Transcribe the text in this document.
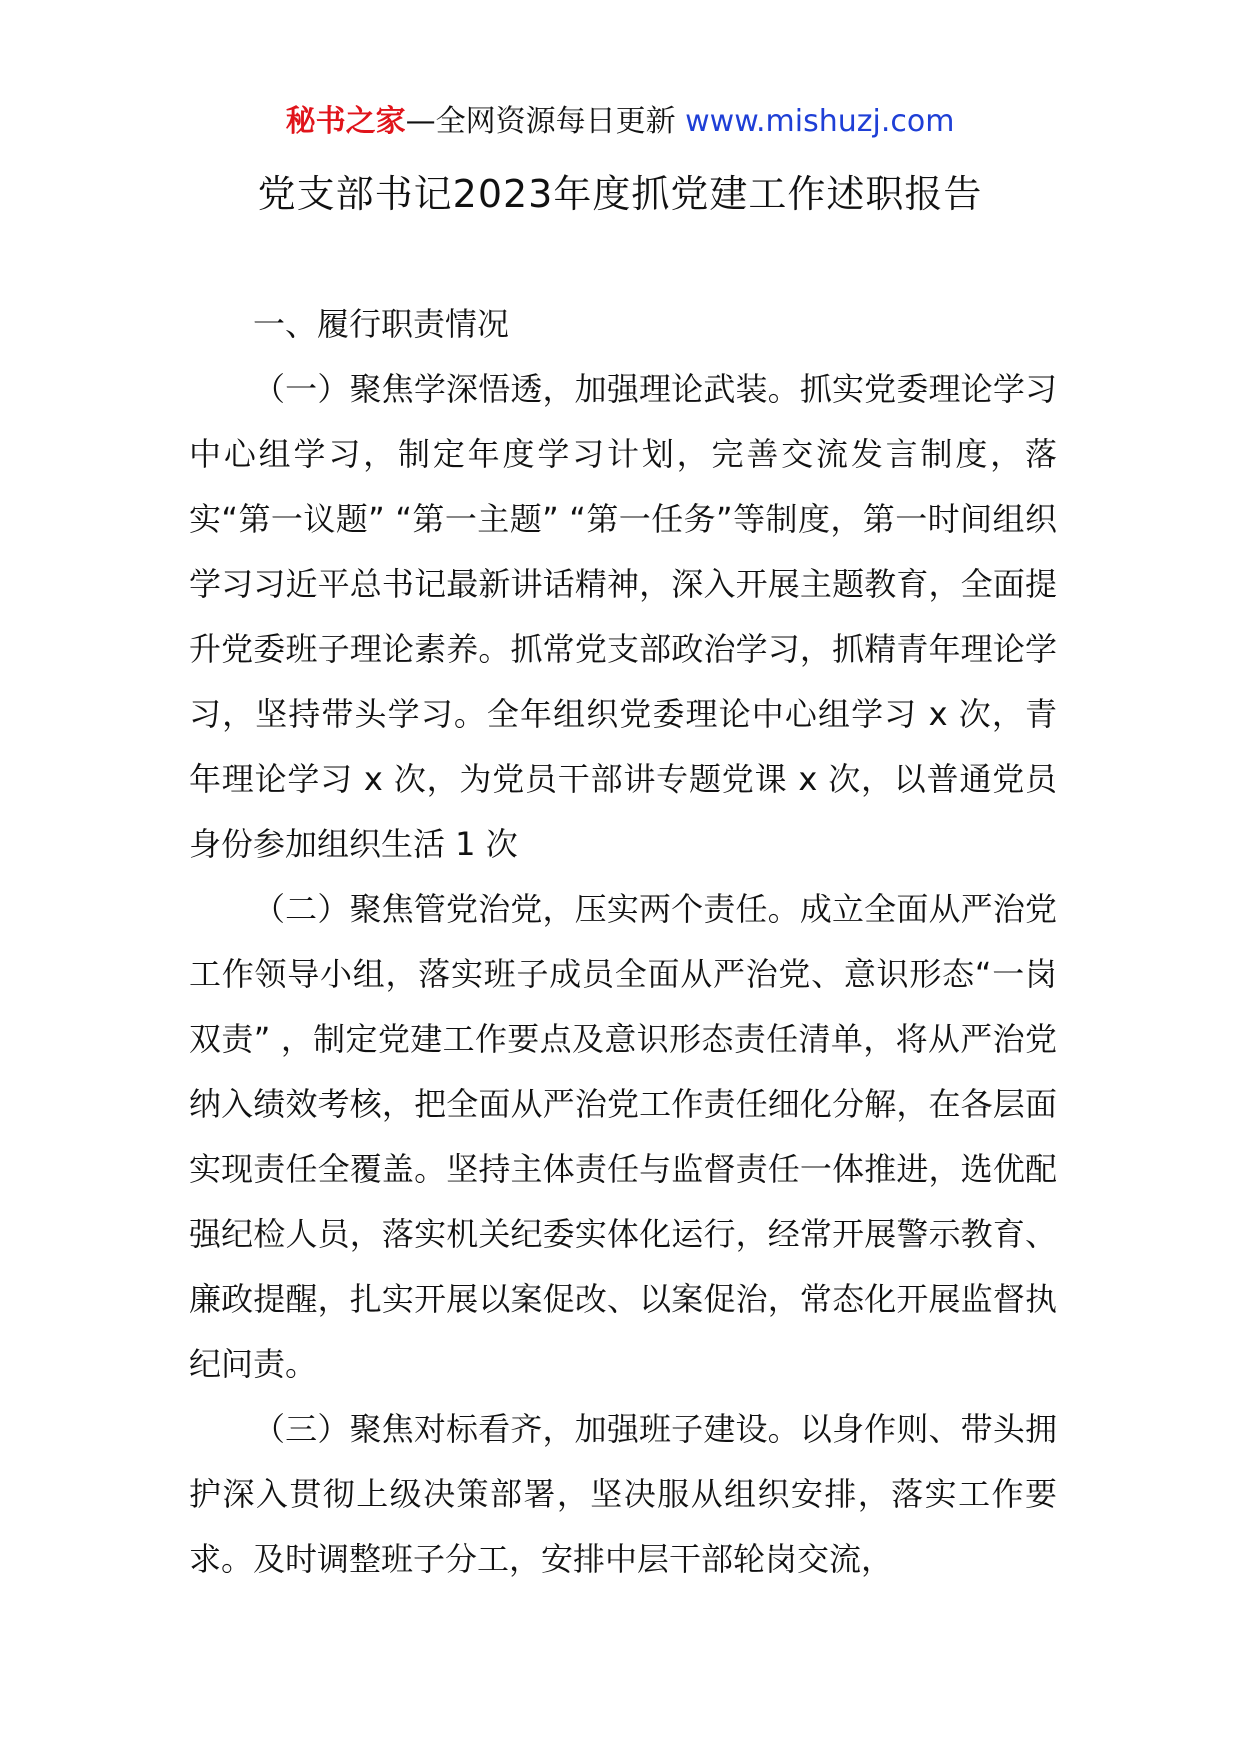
秘书之家—全网资源每日更新 www.mishuzj.com
党支部书记2023年度抓党建工作述职报告
一、履行职责情况

（一）聚焦学深悟透，加强理论武装。抓实党委理论学习中心组学习，制定年度学习计划，完善交流发言制度，落实“第一议题” “第一主题” “第一任务”等制度，第一时间组织学习习近平总书记最新讲话精神，深入开展主题教育，全面提升党委班子理论素养。抓常党支部政治学习，抓精青年理论学习，坚持带头学习。全年组织党委理论中心组学习 x 次，青年理论学习 x 次，为党员干部讲专题党课 x 次，以普通党员身份参加组织生活 1 次

（二）聚焦管党治党，压实两个责任。成立全面从严治党工作领导小组，落实班子成员全面从严治党、意识形态“一岗双责” ，制定党建工作要点及意识形态责任清单，将从严治党纳入绩效考核，把全面从严治党工作责任细化分解，在各层面实现责任全覆盖。坚持主体责任与监督责任一体推进，选优配强纪检人员，落实机关纪委实体化运行，经常开展警示教育、廉政提醒，扎实开展以案促改、以案促治，常态化开展监督执纪问责。

（三）聚焦对标看齐，加强班子建设。以身作则、带头拥护深入贯彻上级决策部署，坚决服从组织安排，落实工作要求。及时调整班子分工，安排中层干部轮岗交流，
